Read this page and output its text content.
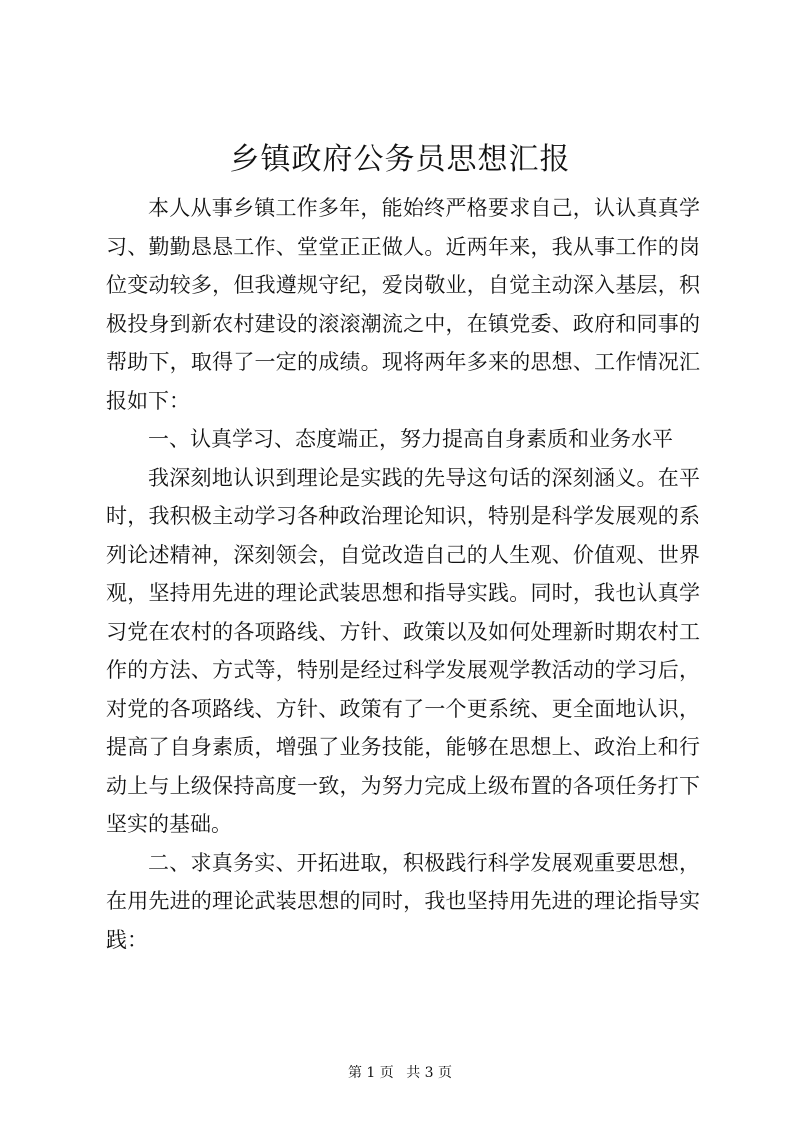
乡镇政府公务员思想汇报

本人从事乡镇工作多年，能始终严格要求自己，认认真真学习、勤勤恳恳工作、堂堂正正做人。近两年来，我从事工作的岗位变动较多，但我遵规守纪，爱岗敬业，自觉主动深入基层，积极投身到新农村建设的滚滚潮流之中，在镇党委、政府和同事的帮助下，取得了一定的成绩。现将两年多来的思想、工作情况汇报如下：

一、认真学习、态度端正，努力提高自身素质和业务水平

我深刻地认识到理论是实践的先导这句话的深刻涵义。在平时，我积极主动学习各种政治理论知识，特别是科学发展观的系列论述精神，深刻领会，自觉改造自己的人生观、价值观、世界观，坚持用先进的理论武装思想和指导实践。同时，我也认真学习党在农村的各项路线、方针、政策以及如何处理新时期农村工作的方法、方式等，特别是经过科学发展观学教活动的学习后，对党的各项路线、方针、政策有了一个更系统、更全面地认识，提高了自身素质，增强了业务技能，能够在思想上、政治上和行动上与上级保持高度一致，为努力完成上级布置的各项任务打下坚实的基础。

二、求真务实、开拓进取，积极践行科学发展观重要思想，在用先进的理论武装思想的同时，我也坚持用先进的理论指导实践：

第 1 页 共 3 页
